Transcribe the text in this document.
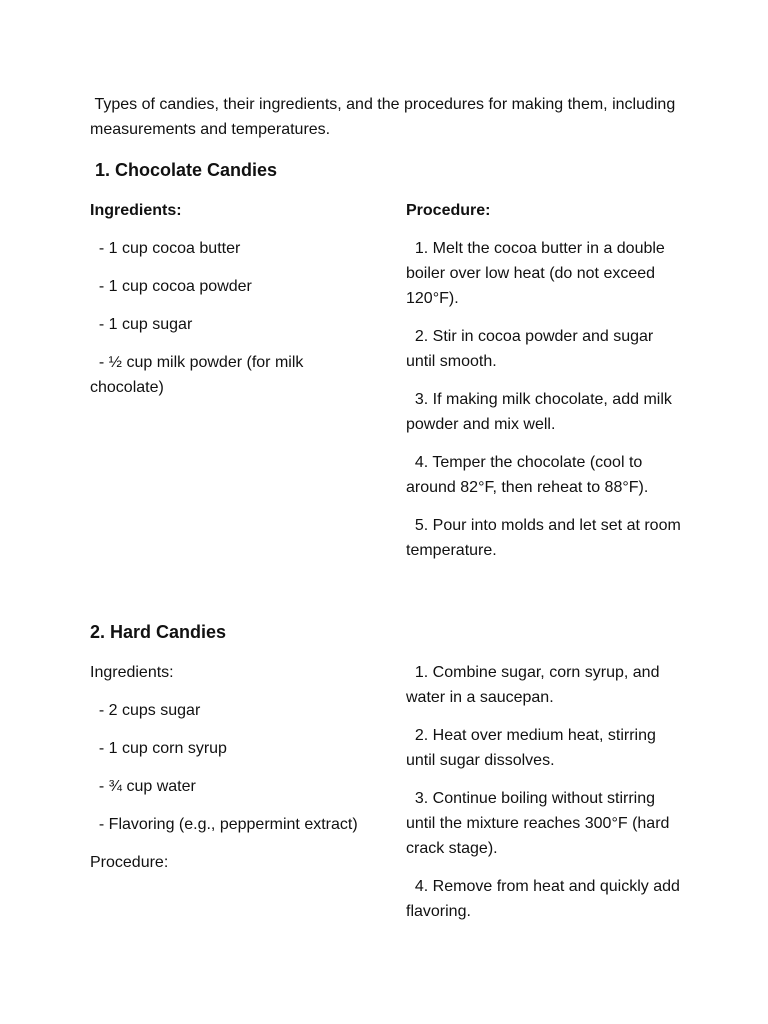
Types of candies, their ingredients, and the procedures for making them, including measurements and temperatures.
1. Chocolate Candies

Ingredients:

- 1 cup cocoa butter

- 1 cup cocoa powder

- 1 cup sugar

- ½ cup milk powder (for milk chocolate)

Procedure:

1. Melt the cocoa butter in a double boiler over low heat (do not exceed 120°F).

2. Stir in cocoa powder and sugar until smooth.

3. If making milk chocolate, add milk powder and mix well.

4. Temper the chocolate (cool to around 82°F, then reheat to 88°F).

5. Pour into molds and let set at room temperature.

2. Hard Candies

Ingredients:

- 2 cups sugar

- 1 cup corn syrup

- ¾ cup water

- Flavoring (e.g., peppermint extract)

Procedure:

1. Combine sugar, corn syrup, and water in a saucepan.

2. Heat over medium heat, stirring until sugar dissolves.

3. Continue boiling without stirring until the mixture reaches 300°F (hard crack stage).

4. Remove from heat and quickly add flavoring.
